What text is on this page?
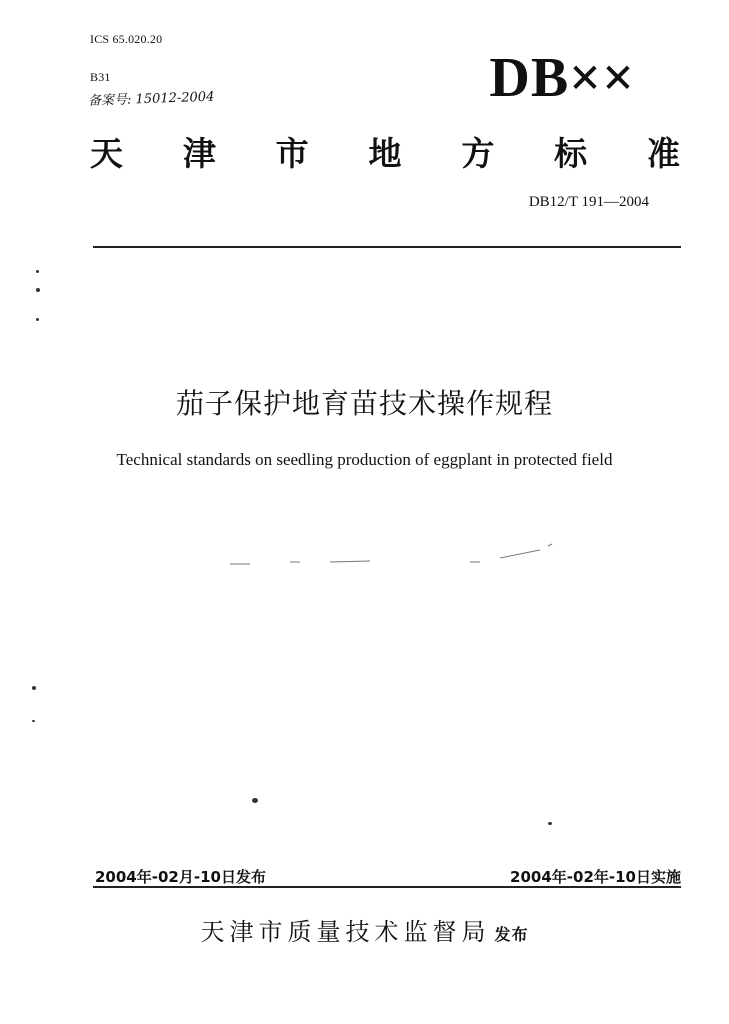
ICS 65.020.20
B31
备案号: 15012-2004	DB××
天 津 市 地 方 标 准
DB12/T 191—2004
茄子保护地育苗技术操作规程
Technical standards on seedling production of eggplant in protected field
2004年-02月-10日发布	2004年-02年-10日实施
天津市质量技术监督局 发布
